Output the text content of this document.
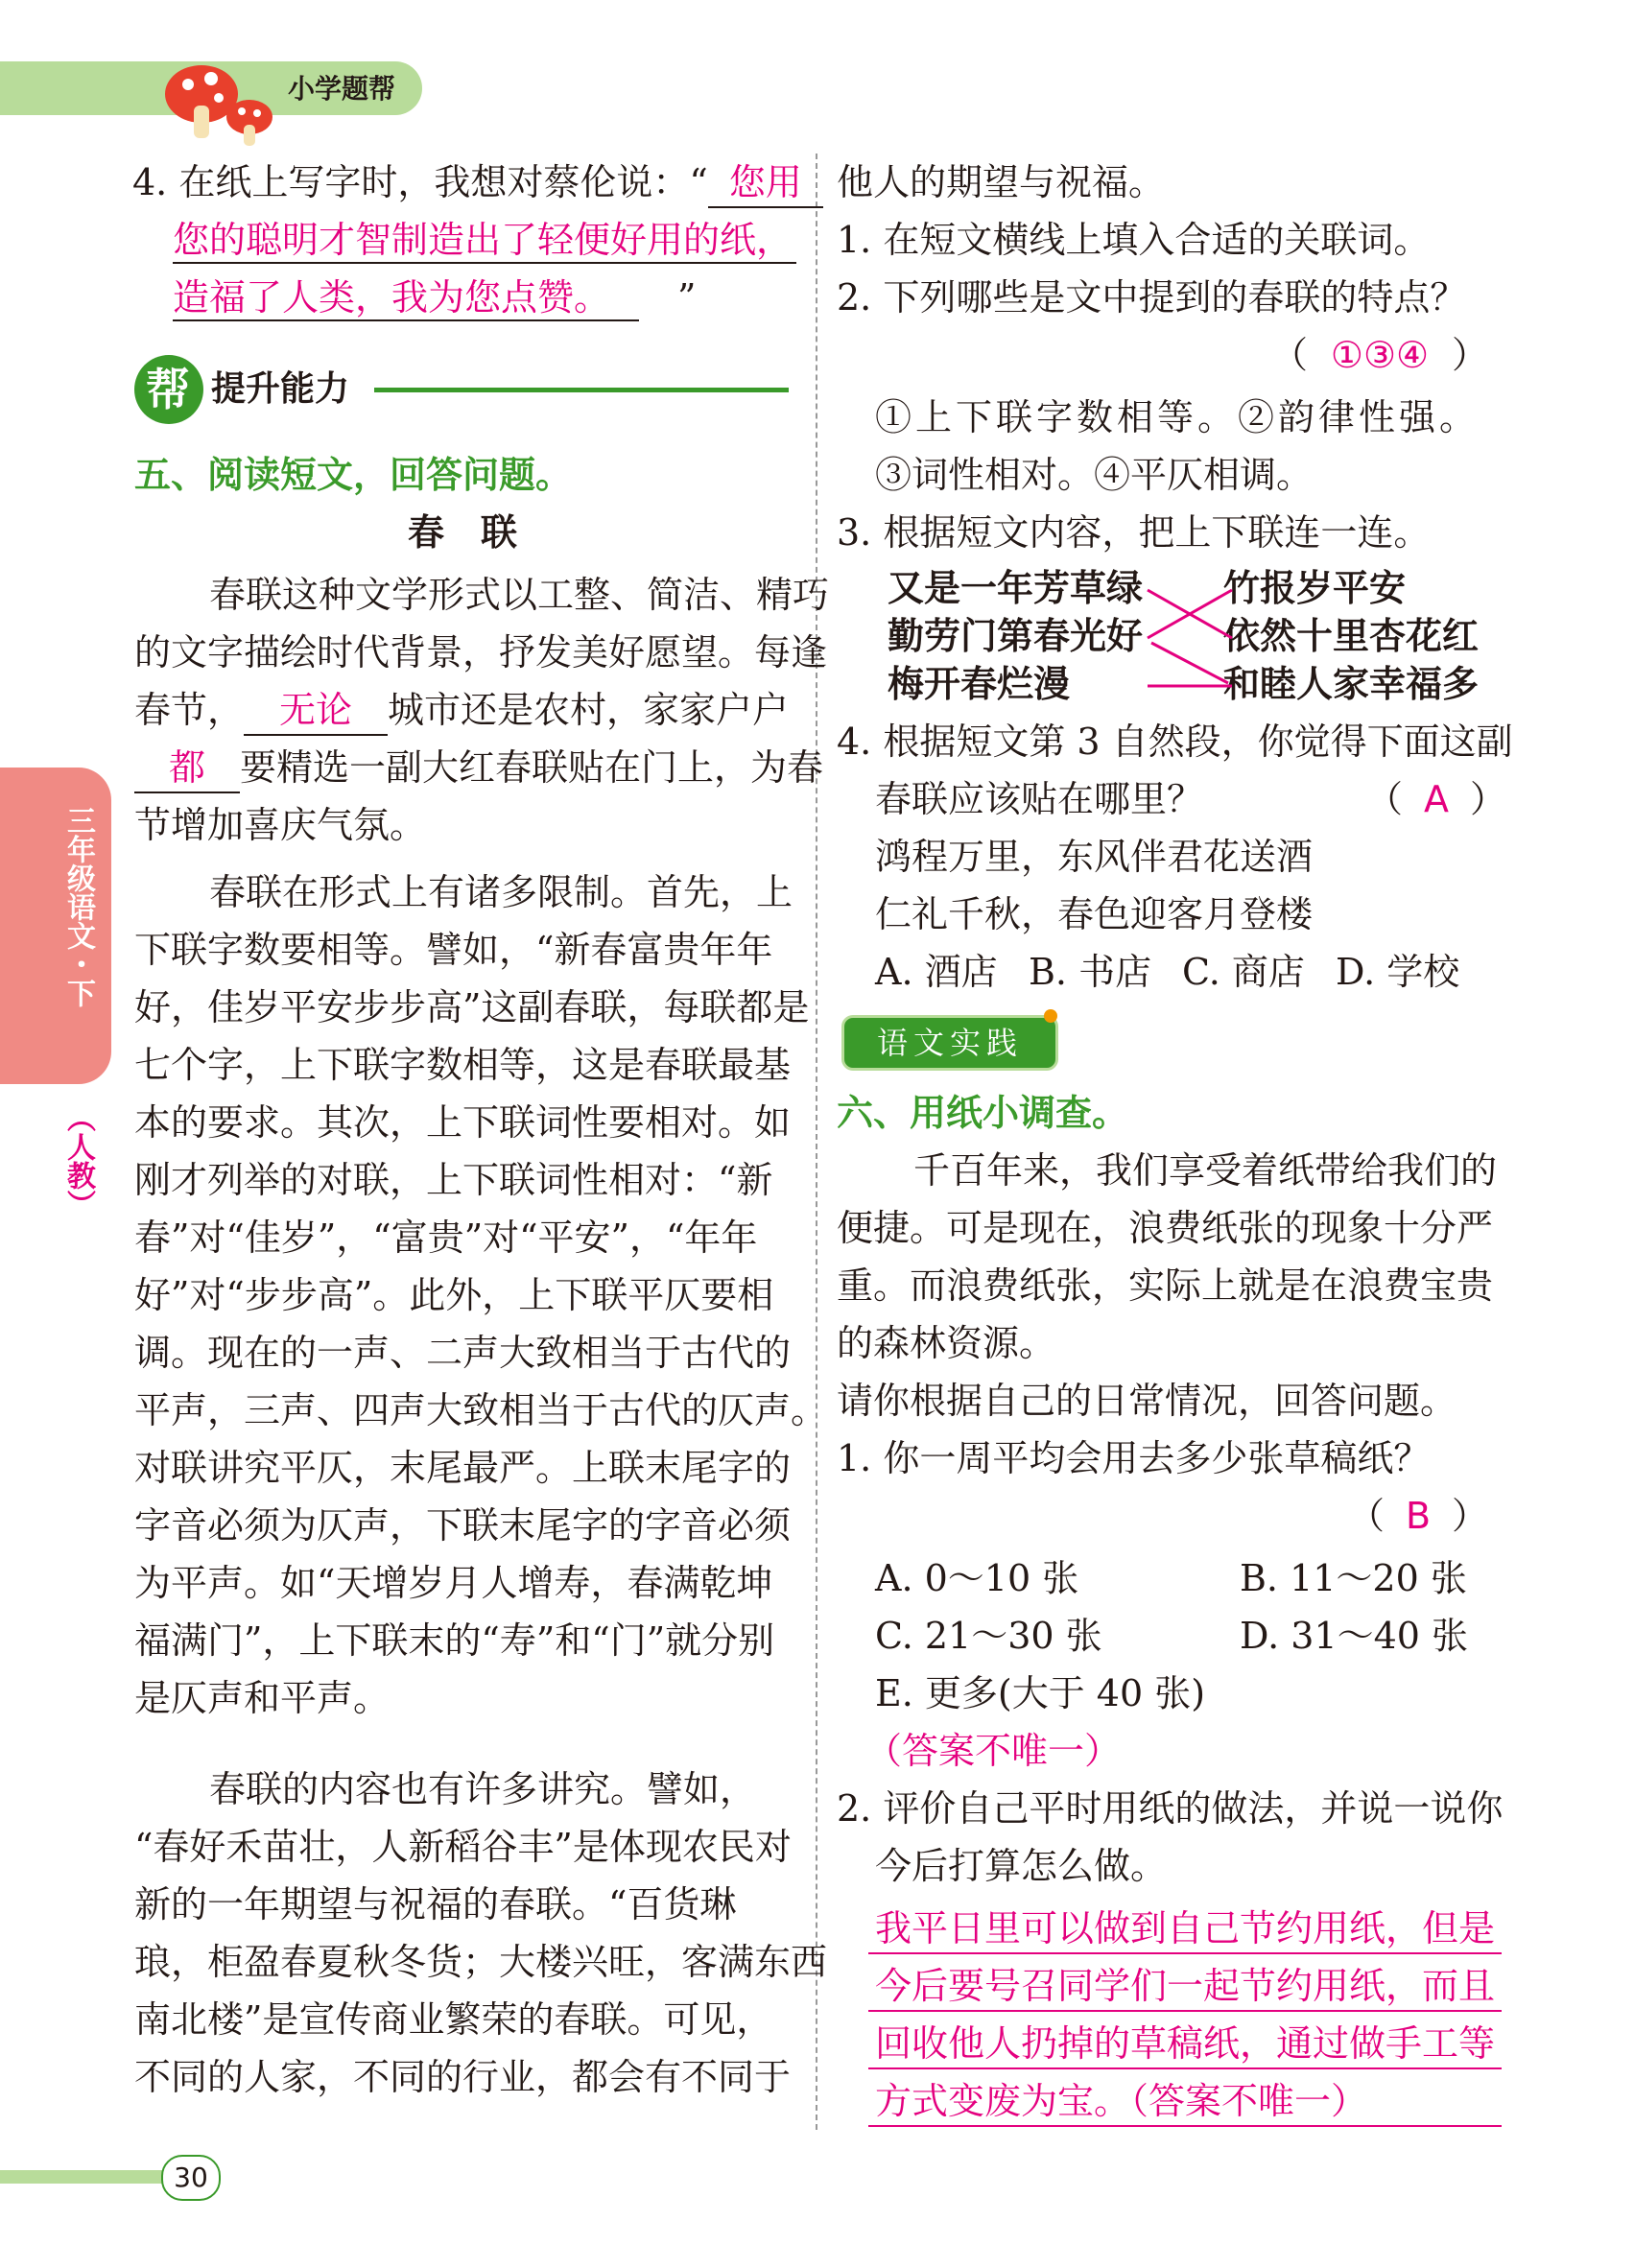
小学题帮
三年级语文・下
（人教）
4. 在纸上写字时，我想对蔡伦说：“ 您用
您的聪明才智制造出了轻便好用的纸，
造福了人类，我为您点赞。 ”
帮 提升能力
五、阅读短文，回答问题。
春　联
春联这种文学形式以工整、简洁、精巧
的文字描绘时代背景，抒发美好愿望。每逢
春节， 无论 城市还是农村，家家户户
都 要精选一副大红春联贴在门上，为春
节增加喜庆气氛。
春联在形式上有诸多限制。首先，上
下联字数要相等。譬如，“新春富贵年年
好，佳岁平安步步高”这副春联，每联都是
七个字，上下联字数相等，这是春联最基
本的要求。其次，上下联词性要相对。如
刚才列举的对联，上下联词性相对：“新
春”对“佳岁”，“富贵”对“平安”，“年年
好”对“步步高”。此外，上下联平仄要相
调。现在的一声、二声大致相当于古代的
平声，三声、四声大致相当于古代的仄声。
对联讲究平仄，末尾最严。上联末尾字的
字音必须为仄声，下联末尾字的字音必须
为平声。如“天增岁月人增寿，春满乾坤
福满门”，上下联末的“寿”和“门”就分别
是仄声和平声。
春联的内容也有许多讲究。譬如，
“春好禾苗壮，人新稻谷丰”是体现农民对
新的一年期望与祝福的春联。“百货琳
琅，柜盈春夏秋冬货；大楼兴旺，客满东西
南北楼”是宣传商业繁荣的春联。可见，
不同的人家，不同的行业，都会有不同于
他人的期望与祝福。
1. 在短文横线上填入合适的关联词。
2. 下列哪些是文中提到的春联的特点？
（ ①③④ ）
①上下联字数相等。②韵律性强。
③词性相对。④平仄相调。
3. 根据短文内容，把上下联连一连。
又是一年芳草绿
勤劳门第春光好
梅开春烂漫
竹报岁平安
依然十里杏花红
和睦人家幸福多
4. 根据短文第 3 自然段，你觉得下面这副
春联应该贴在哪里？	（ A ）
鸿程万里，东风伴君花送酒
仁礼千秋，春色迎客月登楼
A. 酒店 B. 书店 C. 商店 D. 学校
语文实践
六、用纸小调查。
千百年来，我们享受着纸带给我们的
便捷。可是现在，浪费纸张的现象十分严
重。而浪费纸张，实际上就是在浪费宝贵
的森林资源。
请你根据自己的日常情况，回答问题。
1. 你一周平均会用去多少张草稿纸？
（ B ）
A. 0～10 张	B. 11～20 张
C. 21～30 张	D. 31～40 张
E. 更多(大于 40 张)
（答案不唯一）
2. 评价自己平时用纸的做法，并说一说你
今后打算怎么做。
我平日里可以做到自己节约用纸，但是
今后要号召同学们一起节约用纸，而且
回收他人扔掉的草稿纸，通过做手工等
方式变废为宝。（答案不唯一）
30
